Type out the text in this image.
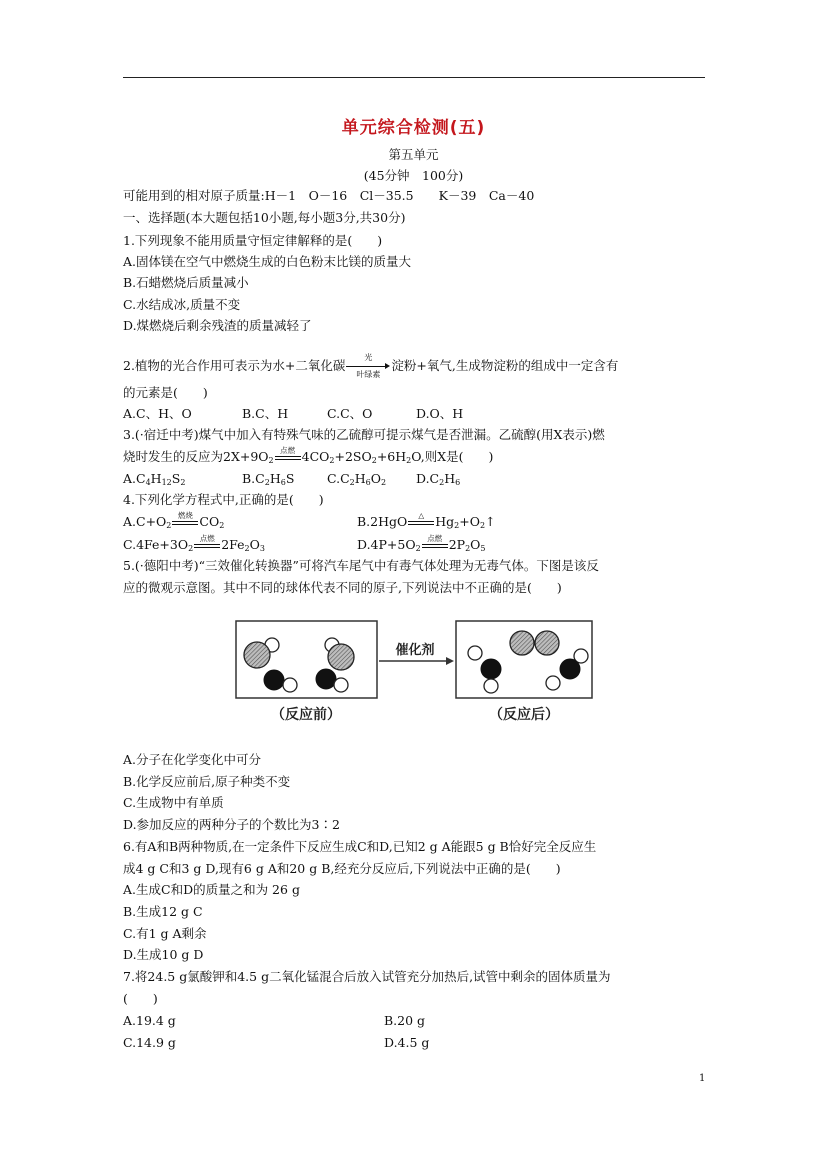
单元综合检测(五)
第五单元
(45分钟　100分)
可能用到的相对原子质量:H－1　O－16　Cl－35.5　　K－39　Ca－40
一、选择题(本大题包括10小题,每小题3分,共30分)
1.下列现象不能用质量守恒定律解释的是(　　)
A.固体镁在空气中燃烧生成的白色粉末比镁的质量大
B.石蜡燃烧后质量减小
C.水结成冰,质量不变
D.煤燃烧后剩余残渣的质量减轻了
2.植物的光合作用可表示为水+二氧化碳
光
叶绿素
淀粉+氧气,生成物淀粉的组成中一定含有
的元素是(　　)
A.C、H、O	B.C、H	C.C、O	D.O、H
3.(·宿迁中考)煤气中加入有特殊气味的乙硫醇可提示煤气是否泄漏。乙硫醇(用X表示)燃
烧时发生的反应为$2X+9O_2$
点燃 $4CO_2+2SO_2+6H_2O$,则X是(　　)
$A.C_4H_{12}S_2$	$B.C_2H_6S$	$C.C_2H_6O_2$ $D.C_2H_6$
4.下列化学方程式中,正确的是(　　)
$A.C+O_2$
燃烧 $CO_2$	B.2HgO	△ $Hg_2+O_2↑$
$C.4Fe+3O_2$
点燃 $2Fe_2O_3$	$D.4P+5O_2$
点燃 $2P_2O_5$
5.(·德阳中考)“三效催化转换器”可将汽车尾气中有毒气体处理为无毒气体。下图是该反
应的微观示意图。其中不同的球体代表不同的原子,下列说法中不正确的是(　　)
催化剂
（反应前）	（反应后）
A.分子在化学变化中可分
B.化学反应前后,原子种类不变
C.生成物中有单质
D.参加反应的两种分子的个数比为3∶2
6.有A和B两种物质,在一定条件下反应生成C和D,已知2 g A能跟5 g B恰好完全反应生
成4 g C和3 g D,现有6 g A和20 g B,经充分反应后,下列说法中正确的是(　　)
A.生成C和D的质量之和为 26 g
B.生成12 g C
C.有1 g A剩余
D.生成10 g D
7.将24.5 g氯酸钾和4.5 g二氧化锰混合后放入试管充分加热后,试管中剩余的固体质量为
(　　)
A.19.4 g	B.20 g
C.14.9 g	D.4.5 g
1
